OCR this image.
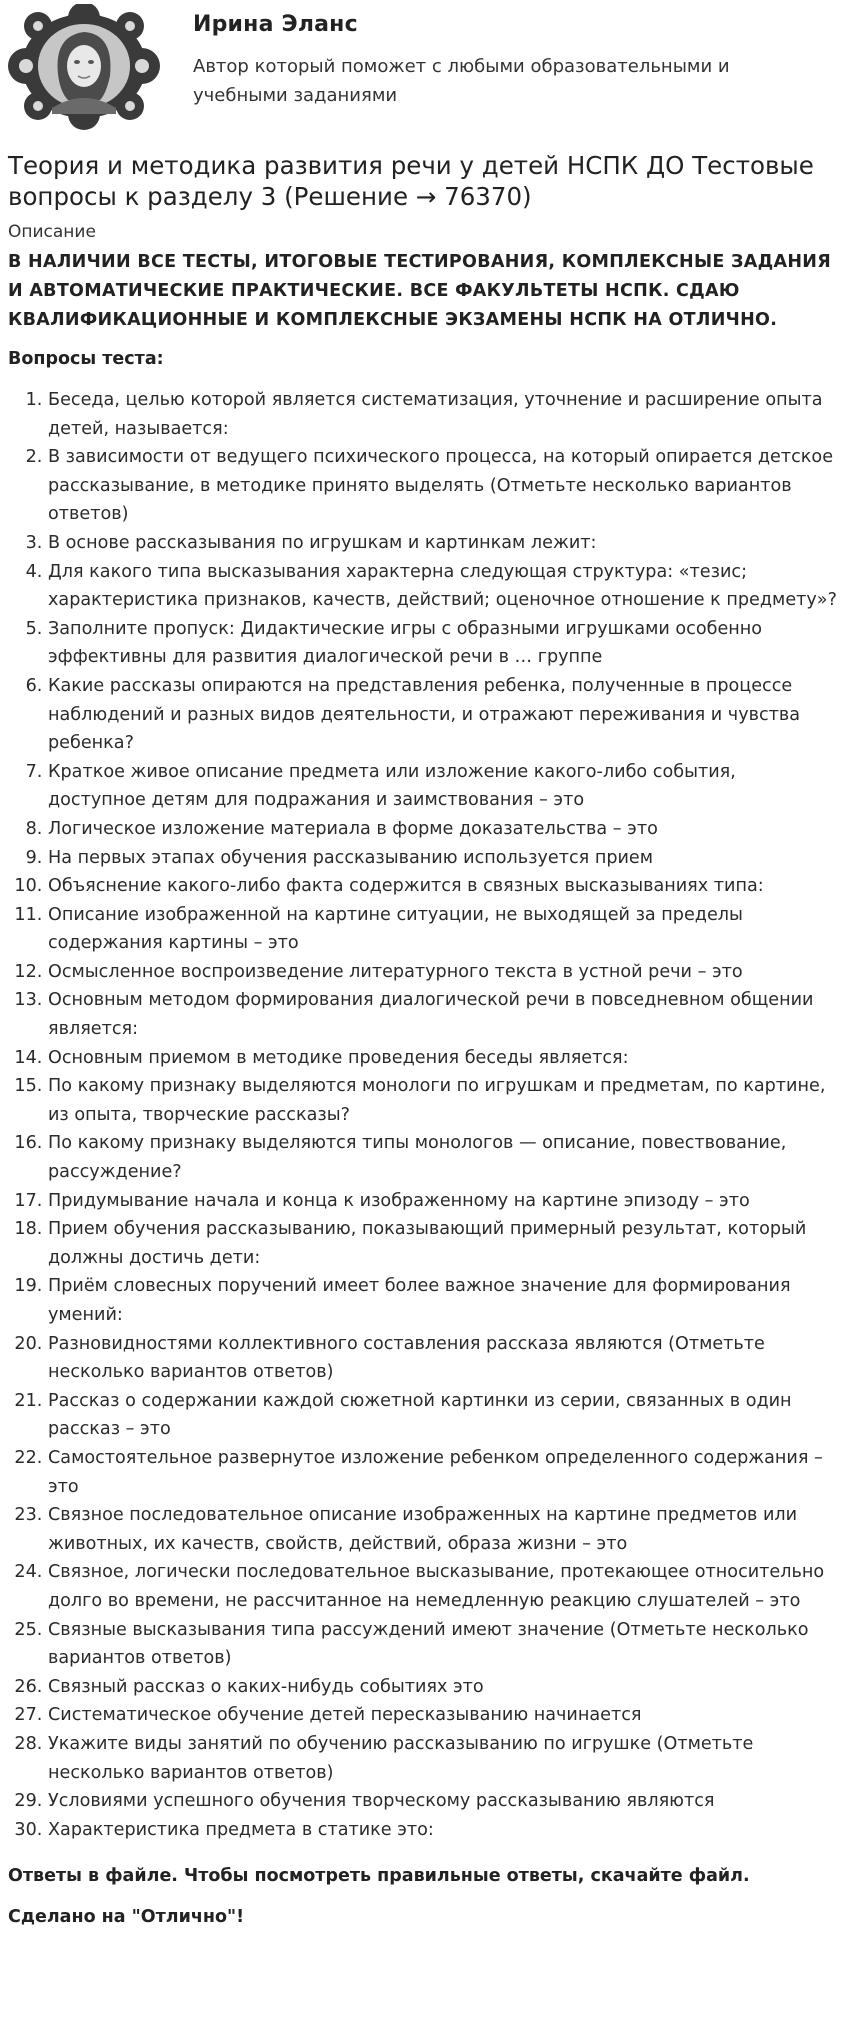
Ирина Эланс
Автор который поможет с любыми образовательными и учебными заданиями
Теория и методика развития речи у детей НСПК ДО Тестовые вопросы к разделу 3 (Решение → 76370)
Описание
В НАЛИЧИИ ВСЕ ТЕСТЫ, ИТОГОВЫЕ ТЕСТИРОВАНИЯ, КОМПЛЕКСНЫЕ ЗАДАНИЯ И АВТОМАТИЧЕСКИЕ ПРАКТИЧЕСКИЕ. ВСЕ ФАКУЛЬТЕТЫ НСПК. СДАЮ КВАЛИФИКАЦИОННЫЕ И КОМПЛЕКСНЫЕ ЭКЗАМЕНЫ НСПК НА ОТЛИЧНО.
Вопросы теста:
1. Беседа, целью которой является систематизация, уточнение и расширение опыта детей, называется:
2. В зависимости от ведущего психического процесса, на который опирается детское рассказывание, в методике принято выделять (Отметьте несколько вариантов ответов)
3. В основе рассказывания по игрушкам и картинкам лежит:
4. Для какого типа высказывания характерна следующая структура: «тезис; характеристика признаков, качеств, действий; оценочное отношение к предмету»?
5. Заполните пропуск: Дидактические игры с образными игрушками особенно эффективны для развития диалогической речи в … группе
6. Какие рассказы опираются на представления ребенка, полученные в процессе наблюдений и разных видов деятельности, и отражают переживания и чувства ребенка?
7. Краткое живое описание предмета или изложение какого-либо события, доступное детям для подражания и заимствования – это
8. Логическое изложение материала в форме доказательства – это
9. На первых этапах обучения рассказыванию используется прием
10. Объяснение какого-либо факта содержится в связных высказываниях типа:
11. Описание изображенной на картине ситуации, не выходящей за пределы содержания картины – это
12. Осмысленное воспроизведение литературного текста в устной речи – это
13. Основным методом формирования диалогической речи в повседневном общении является:
14. Основным приемом в методике проведения беседы является:
15. По какому признаку выделяются монологи по игрушкам и предметам, по картине, из опыта, творческие рассказы?
16. По какому признаку выделяются типы монологов — описание, повествование, рассуждение?
17. Придумывание начала и конца к изображенному на картине эпизоду – это
18. Прием обучения рассказыванию, показывающий примерный результат, который должны достичь дети:
19. Приём словесных поручений имеет более важное значение для формирования умений:
20. Разновидностями коллективного составления рассказа являются (Отметьте несколько вариантов ответов)
21. Рассказ о содержании каждой сюжетной картинки из серии, связанных в один рассказ – это
22. Самостоятельное развернутое изложение ребенком определенного содержания – это
23. Связное последовательное описание изображенных на картине предметов или животных, их качеств, свойств, действий, образа жизни – это
24. Связное, логически последовательное высказывание, протекающее относительно долго во времени, не рассчитанное на немедленную реакцию слушателей – это
25. Связные высказывания типа рассуждений имеют значение (Отметьте несколько вариантов ответов)
26. Связный рассказ о каких-нибудь событиях это
27. Систематическое обучение детей пересказыванию начинается
28. Укажите виды занятий по обучению рассказыванию по игрушке (Отметьте несколько вариантов ответов)
29. Условиями успешного обучения творческому рассказыванию являются
30. Характеристика предмета в статике это:
Ответы в файле. Чтобы посмотреть правильные ответы, скачайте файл.
Сделано на "Отлично"!
